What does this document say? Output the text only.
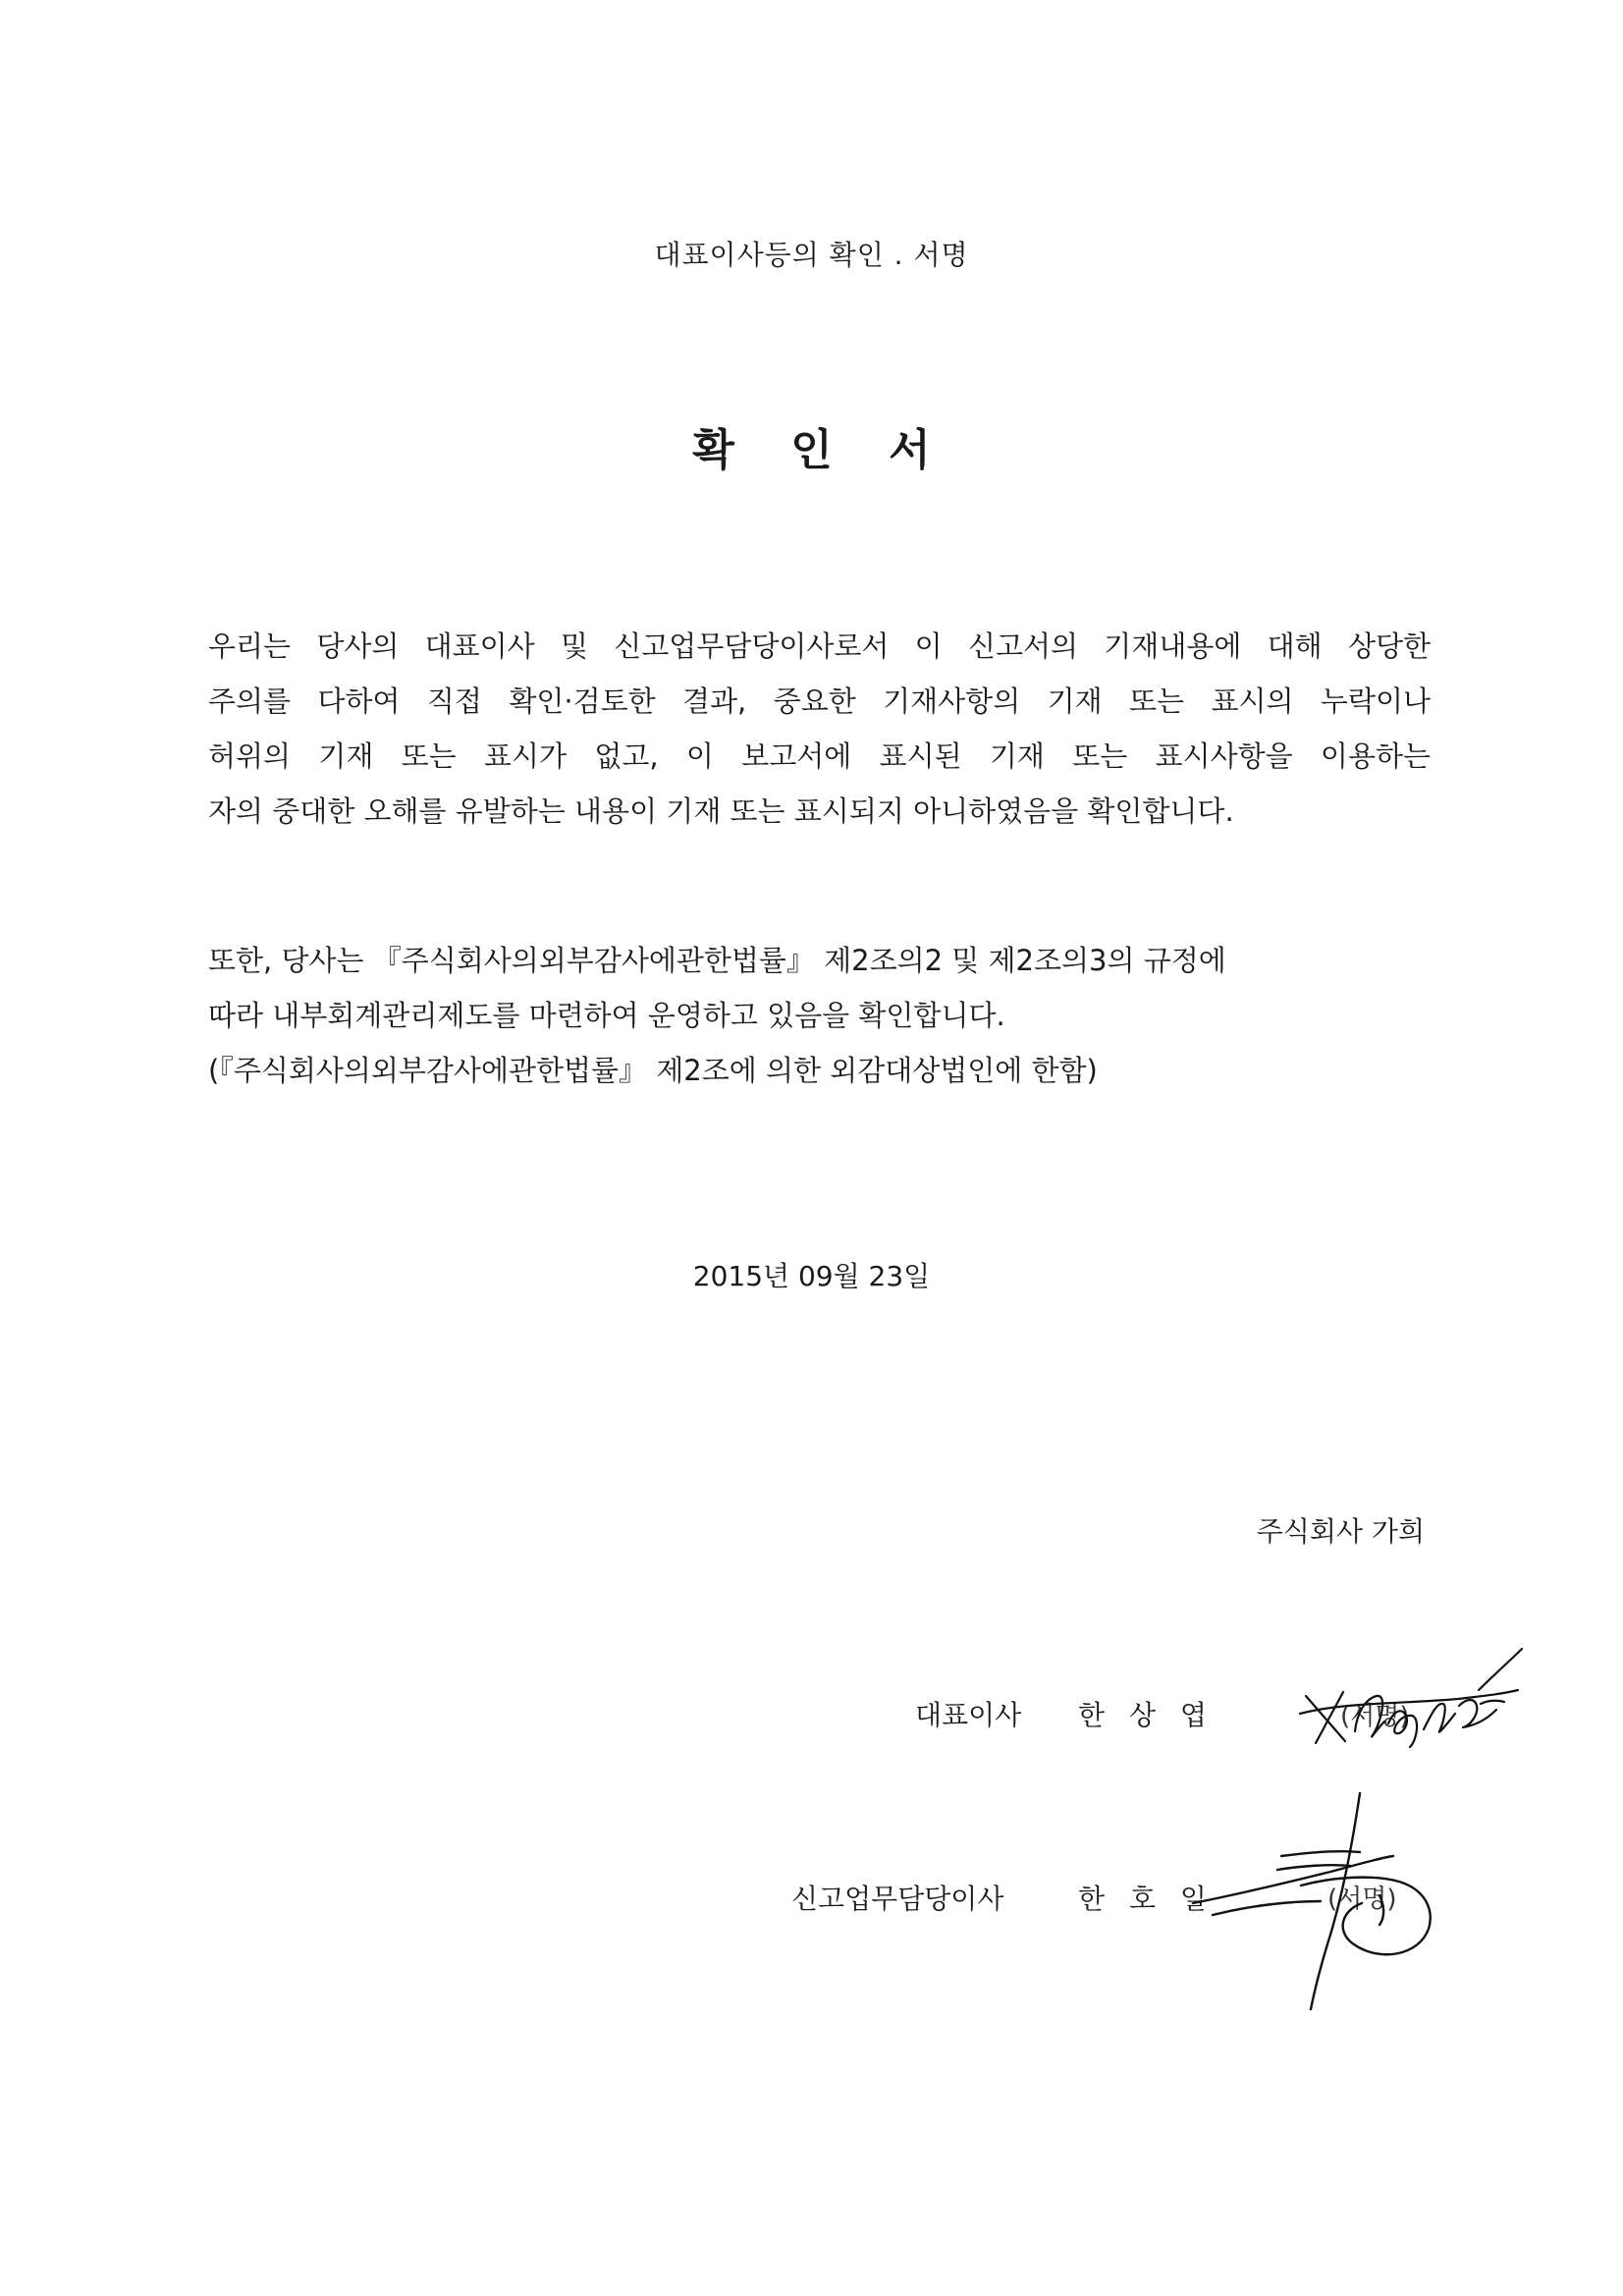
대표이사등의 확인 . 서명
확 인 서
우리는 당사의 대표이사 및 신고업무담당이사로서 이 신고서의 기재내용에 대해 상당한
주의를 다하여 직접 확인·검토한 결과, 중요한 기재사항의 기재 또는 표시의 누락이나
허위의 기재 또는 표시가 없고, 이 보고서에 표시된 기재 또는 표시사항을 이용하는
자의 중대한 오해를 유발하는 내용이 기재 또는 표시되지 아니하였음을 확인합니다.
또한, 당사는 『주식회사의외부감사에관한법률』 제2조의2 및 제2조의3의 규정에
따라 내부회계관리제도를 마련하여 운영하고 있음을 확인합니다.
(『주식회사의외부감사에관한법률』 제2조에 의한 외감대상법인에 한함)
2015년 09월 23일
주식회사 가희
대표이사 한 상 엽	(서명)
신고업무담당이사	한 호 일	(서명)
